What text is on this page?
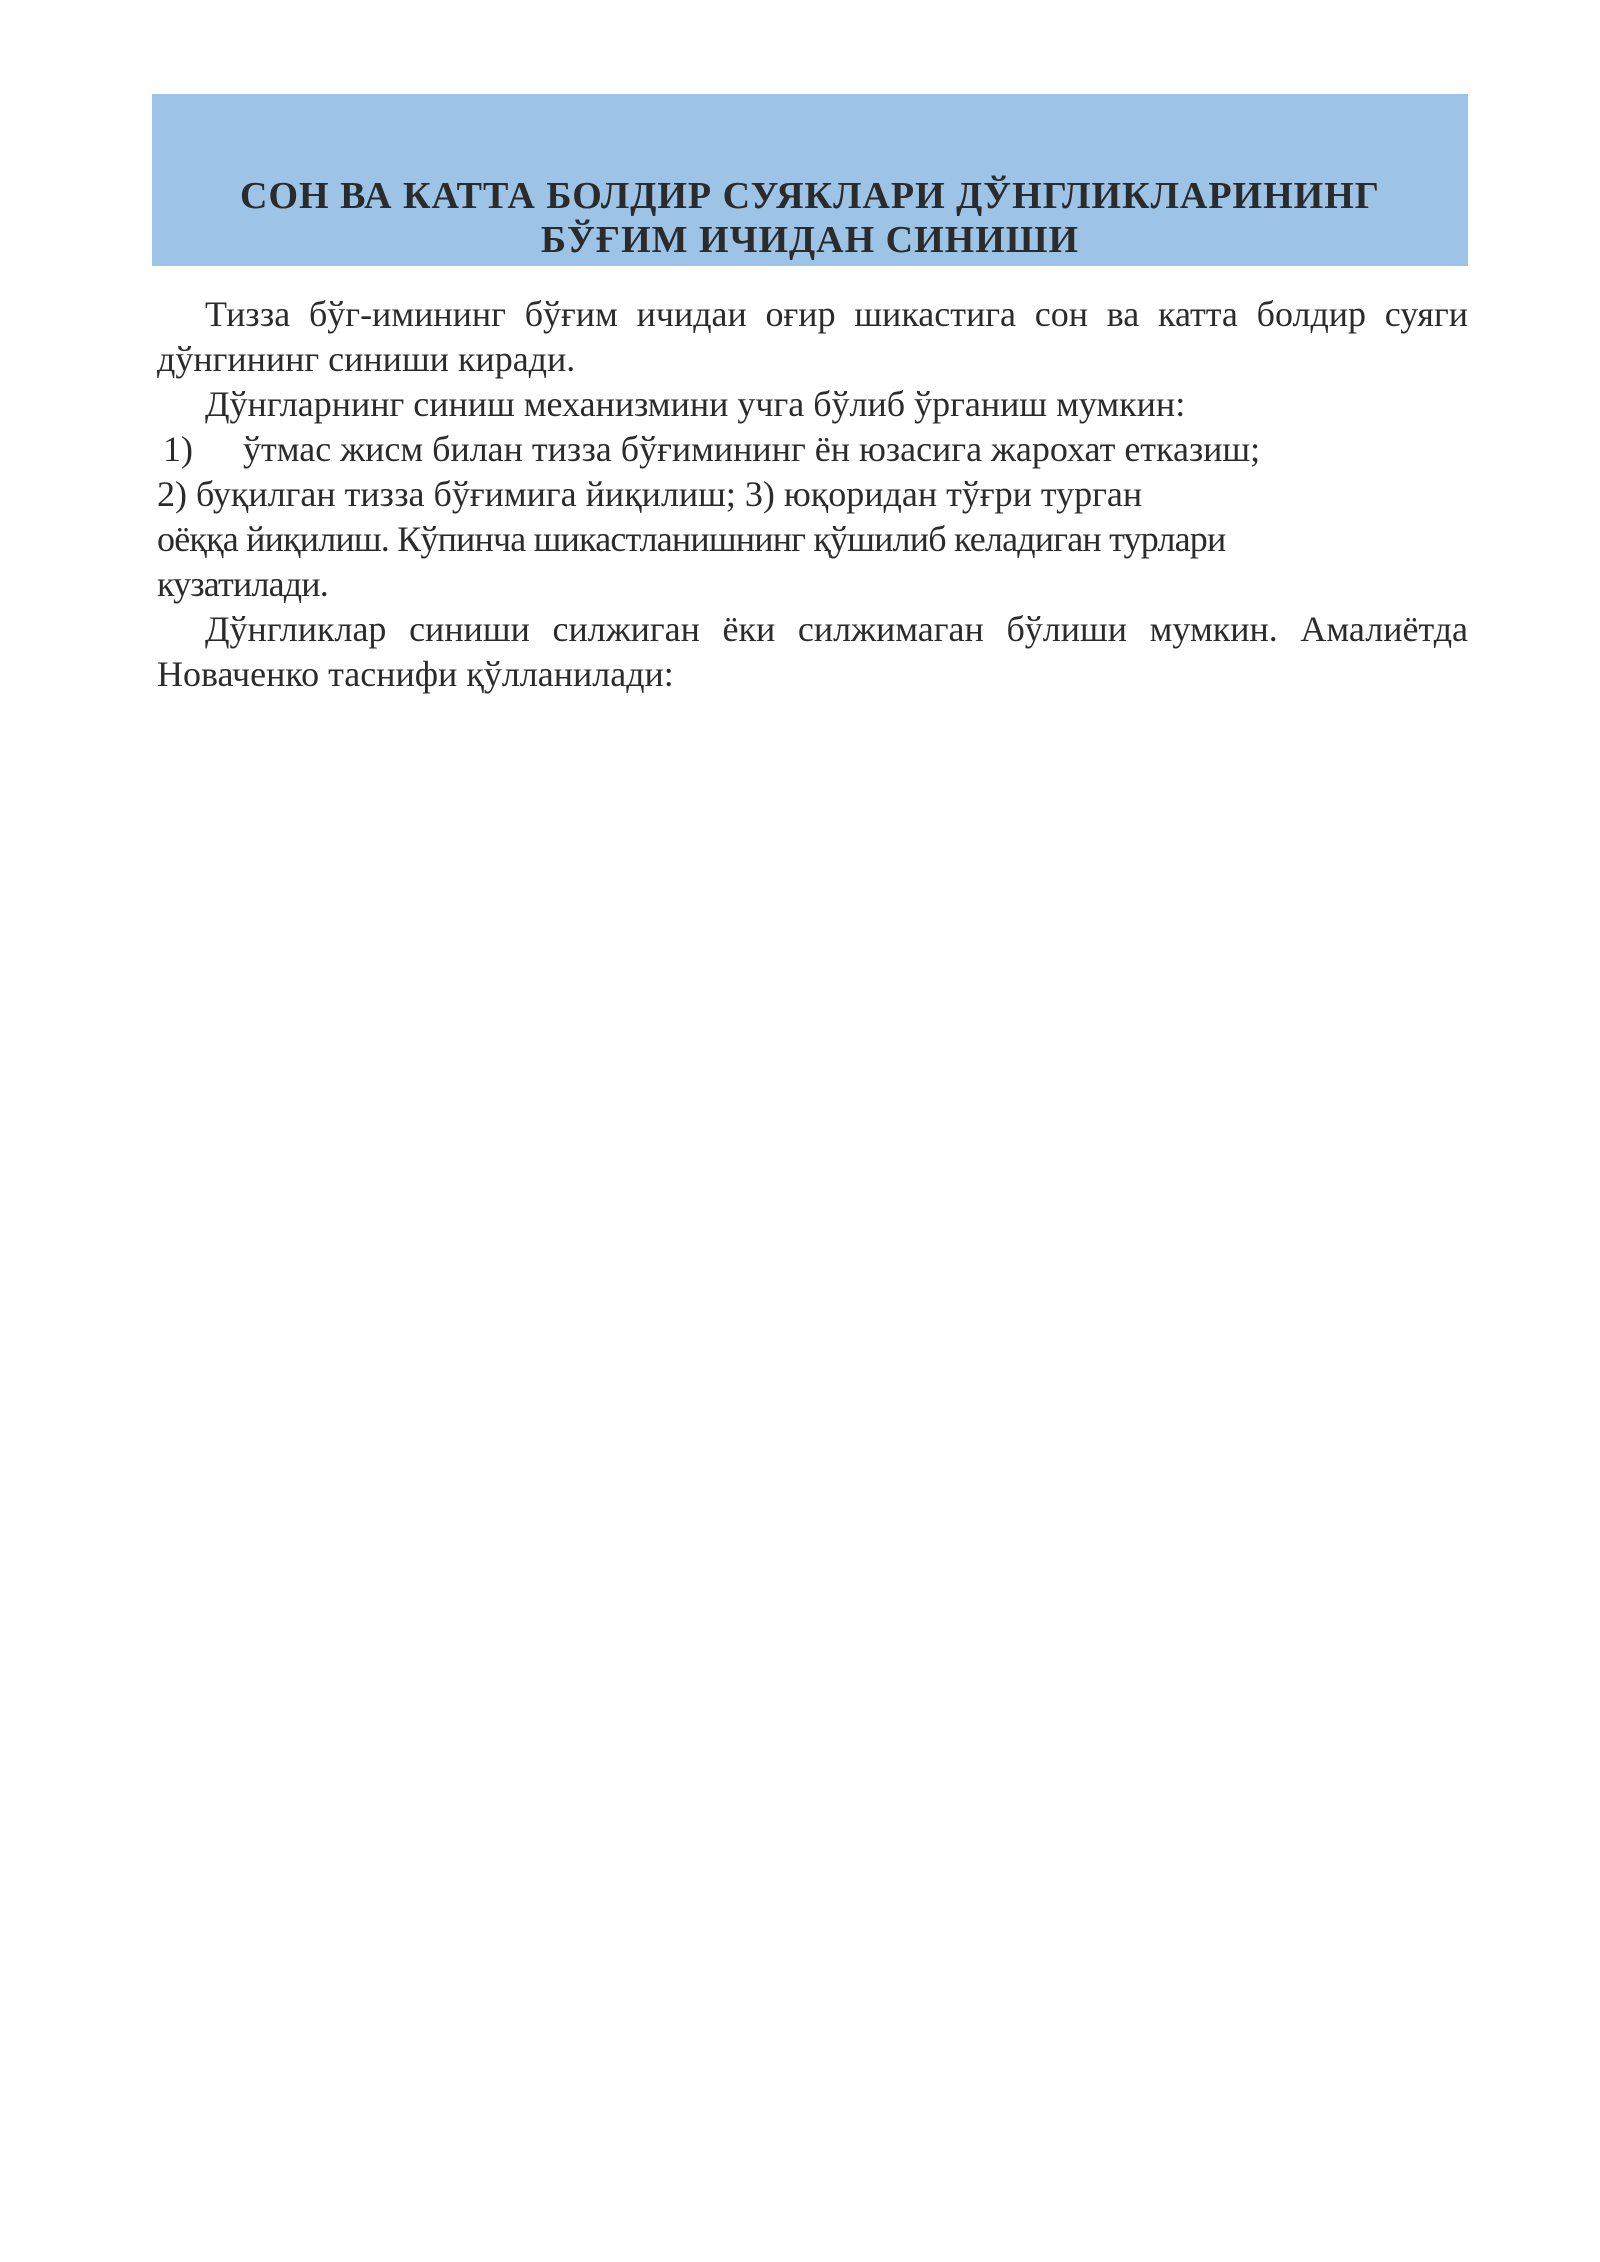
СОН ВА КАТТА БОЛДИР СУЯКЛАРИ ДЎНГЛИКЛАРИНИНГ
БЎҒИМ ИЧИДАН СИНИШИ

Тизза бўг-имининг бўғим ичидаи оғир шикастига сон ва катта болдир суяги дўнгининг синиши киради.

Дўнгларнинг синиш механизмини учга бўлиб ўрганиш мумкин:

1)	ўтмас жисм билан тизза бўғимининг ён юзасига жарохат етказиш;

2) буқилган тизза бўғимига йиқилиш; 3) юқоридан тўғри турган
оёққа йиқилиш. Кўпинча шикастланишнинг қўшилиб келадиган турлари
кузатилади.

Дўнгликлар синиши силжиган ёки силжимаган бўлиши мумкин. Амалиётда Новаченко таснифи қўлланилади:
